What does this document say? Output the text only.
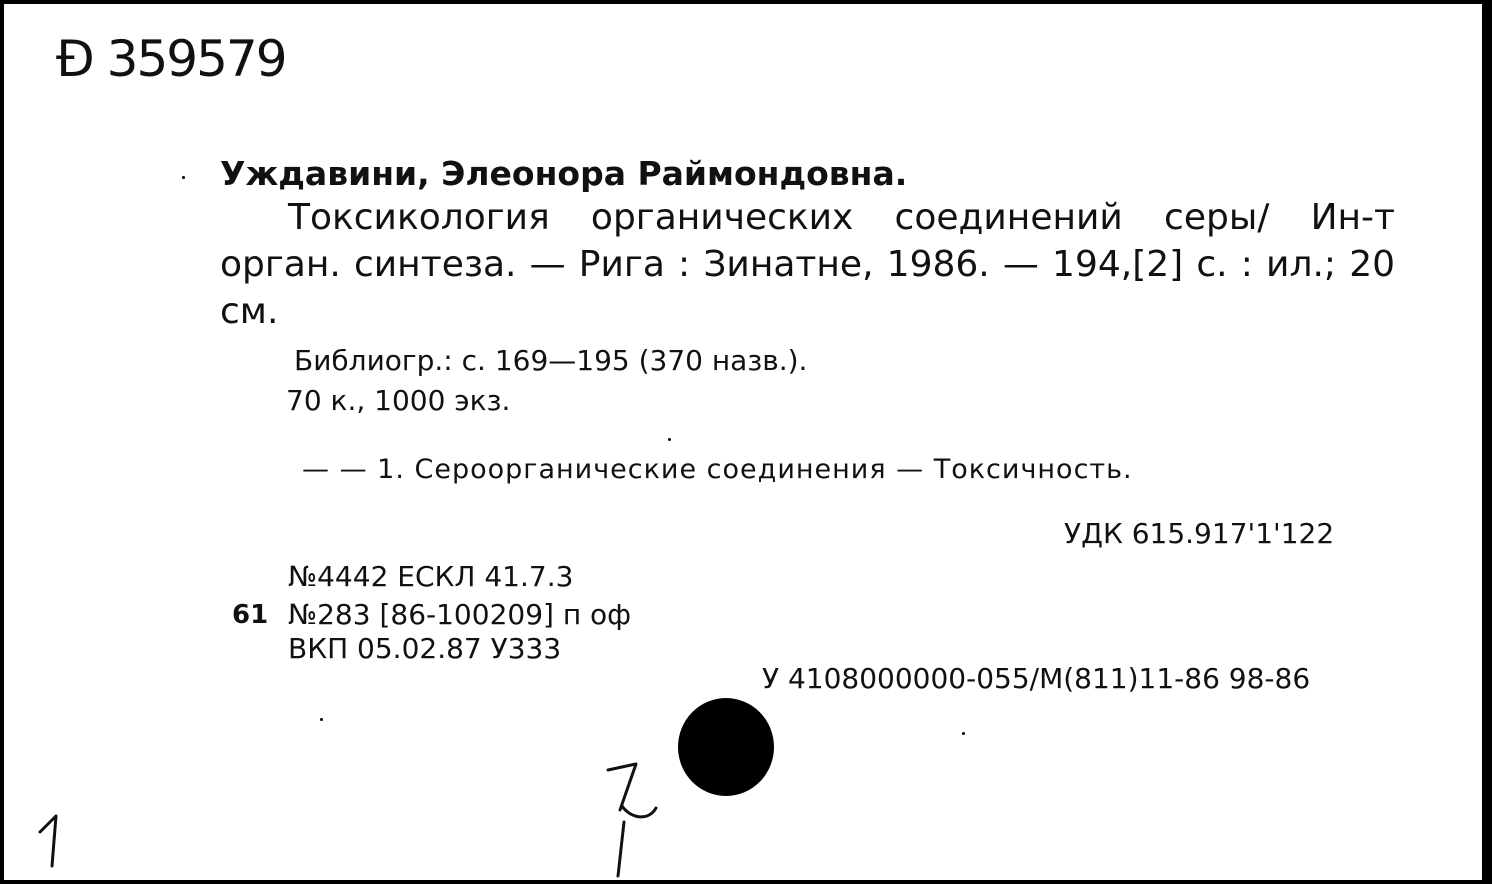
Ɖ 359579
Уждавини, Элеонора Раймондовна.
Токсикология органических соединений серы/ Ин-т орган. синтеза. — Рига : Зинатне, 1986. — 194,[2] с. : ил.; 20 см.
Библиогр.: с. 169—195 (370 назв.).
70 к., 1000 экз.
— — 1. Сероорганические соединения — Токсичность.
УДК 615.917'1'122
№4442 ЕСКЛ 41.7.3
61 №283 [86-100209] п оф
ВКП 05.02.87 У333
У 4108000000-055/М(811)11-86 98-86
